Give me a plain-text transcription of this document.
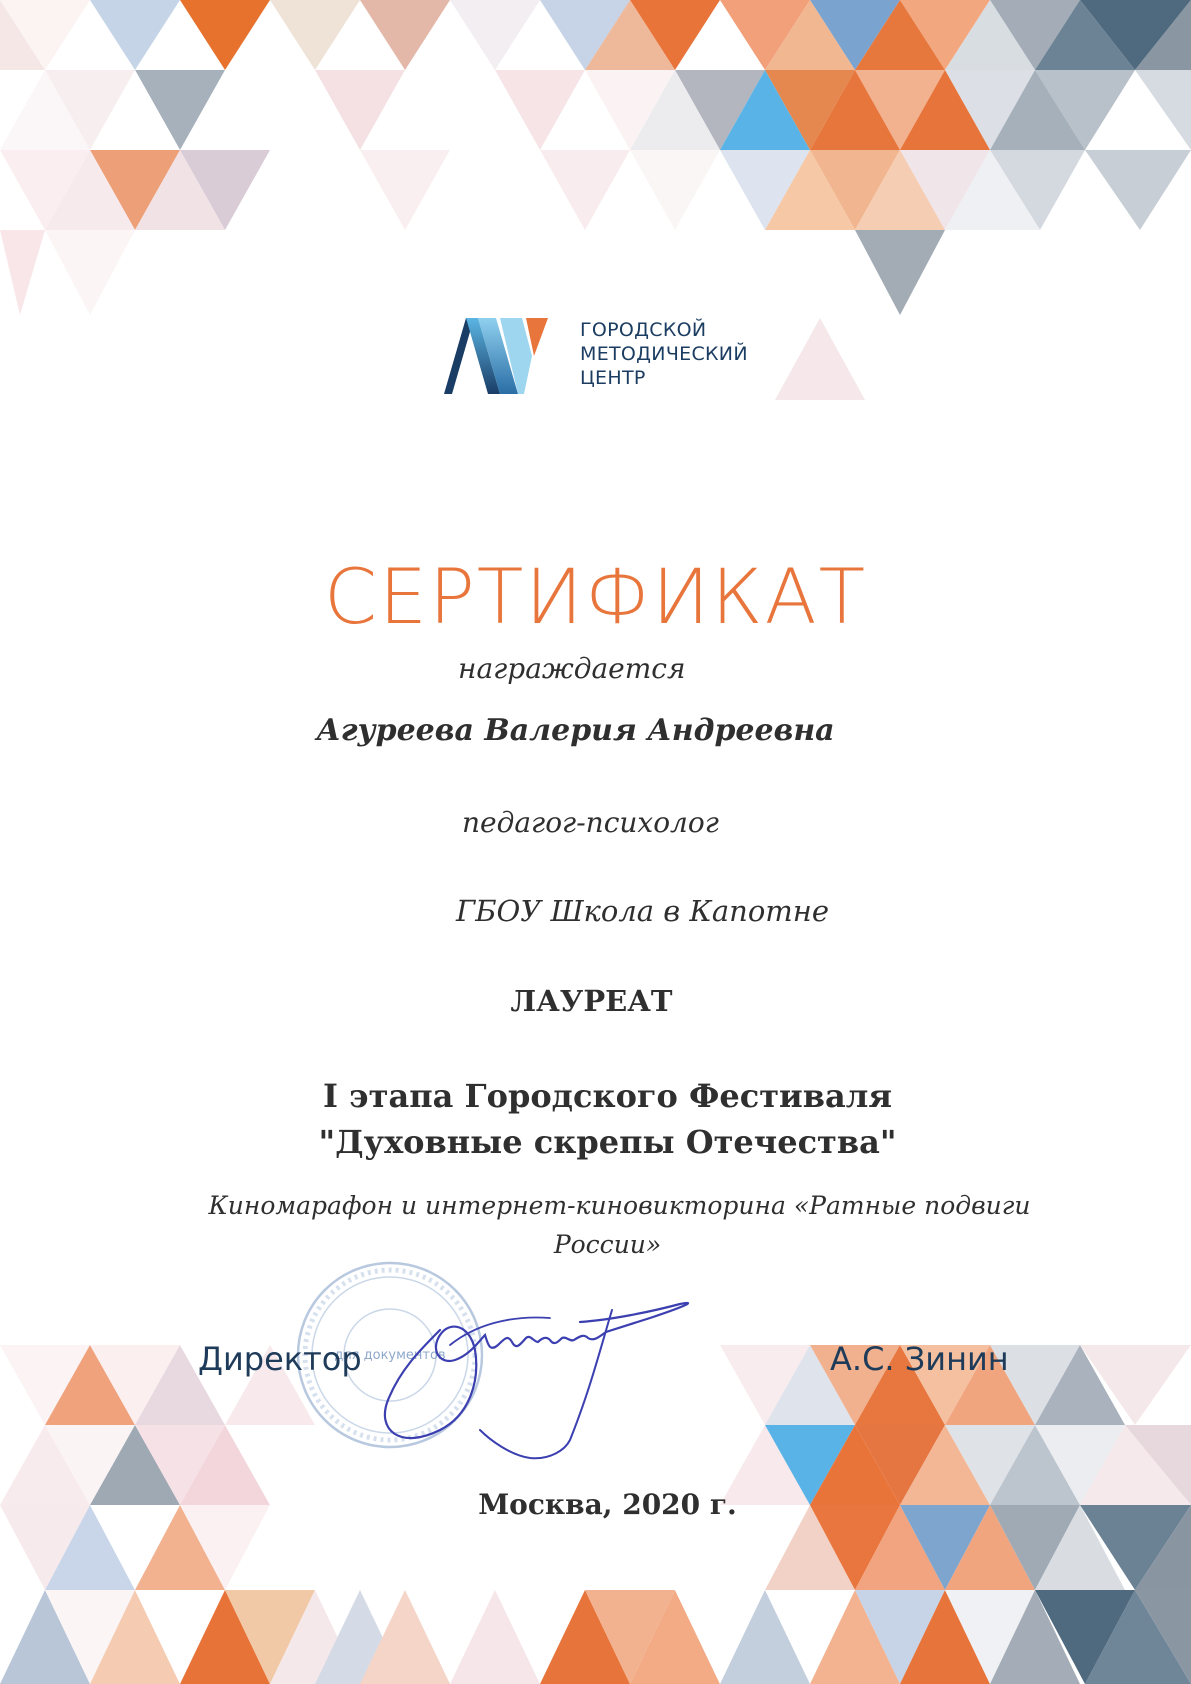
ГОРОДСКОЙ
МЕТОДИЧЕСКИЙ
ЦЕНТР
СЕРТИФИКАТ
награждается
Агуреева Валерия Андреевна
педагог-психолог
ГБОУ Школа в Капотне
ЛАУРЕАТ
I этапа Городского Фестиваля
"Духовные скрепы Отечества"
Киномарафон и интернет-киновикторина «Ратные подвиги
России»
для документов
Директор	А.С. Зинин
Москва, 2020 г.
